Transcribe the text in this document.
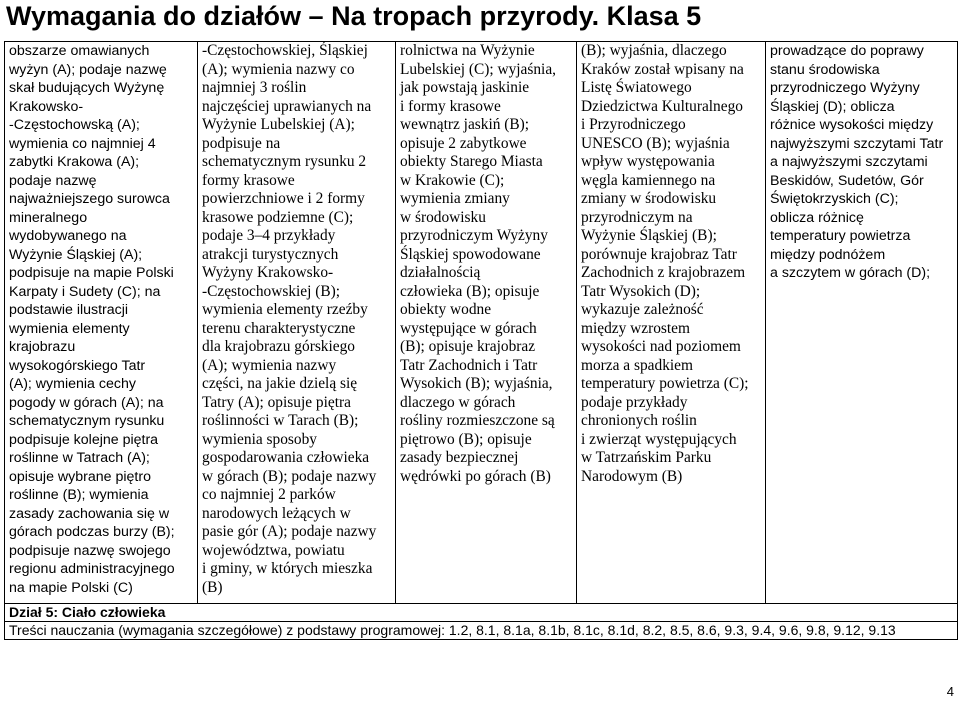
Wymagania do działów – Na tropach przyrody. Klasa 5
obszarze omawianych
wyżyn (A); podaje nazwę
skał budujących Wyżynę
Krakowsko-
-Częstochowską (A);
wymienia co najmniej 4
zabytki Krakowa (A);
podaje nazwę
najważniejszego surowca
mineralnego
wydobywanego na
Wyżynie Śląskiej (A);
podpisuje na mapie Polski
Karpaty i Sudety (C); na
podstawie ilustracji
wymienia elementy
krajobrazu
wysokogórskiego Tatr
(A); wymienia cechy
pogody w górach (A); na
schematycznym rysunku
podpisuje kolejne piętra
roślinne w Tatrach (A);
opisuje wybrane piętro
roślinne (B); wymienia
zasady zachowania się w
górach podczas burzy (B);
podpisuje nazwę swojego
regionu administracyjnego
na mapie Polski (C)

-Częstochowskiej, Śląskiej
(A); wymienia nazwy co
najmniej 3 roślin
najczęściej uprawianych na
Wyżynie Lubelskiej (A);
podpisuje na
schematycznym rysunku 2
formy krasowe
powierzchniowe i 2 formy
krasowe podziemne (C);
podaje 3–4 przykłady
atrakcji turystycznych
Wyżyny Krakowsko-
-Częstochowskiej (B);
wymienia elementy rzeźby
terenu charakterystyczne
dla krajobrazu górskiego
(A); wymienia nazwy
części, na jakie dzielą się
Tatry (A); opisuje piętra
roślinności w Tarach (B);
wymienia sposoby
gospodarowania człowieka
w górach (B); podaje nazwy
co najmniej 2 parków
narodowych leżących w
pasie gór (A); podaje nazwy
województwa, powiatu
i gminy, w których mieszka
(B)

rolnictwa na Wyżynie
Lubelskiej (C); wyjaśnia,
jak powstają jaskinie
i formy krasowe
wewnątrz jaskiń (B);
opisuje 2 zabytkowe
obiekty Starego Miasta
w Krakowie (C);
wymienia zmiany
w środowisku
przyrodniczym Wyżyny
Śląskiej spowodowane
działalnością
człowieka (B); opisuje
obiekty wodne
występujące w górach
(B); opisuje krajobraz
Tatr Zachodnich i Tatr
Wysokich (B); wyjaśnia,
dlaczego w górach
rośliny rozmieszczone są
piętrowo (B); opisuje
zasady bezpiecznej
wędrówki po górach (B)

(B); wyjaśnia, dlaczego
Kraków został wpisany na
Listę Światowego
Dziedzictwa Kulturalnego
i Przyrodniczego
UNESCO (B); wyjaśnia
wpływ występowania
węgla kamiennego na
zmiany w środowisku
przyrodniczym na
Wyżynie Śląskiej (B);
porównuje krajobraz Tatr
Zachodnich z krajobrazem
Tatr Wysokich (D);
wykazuje zależność
między wzrostem
wysokości nad poziomem
morza a spadkiem
temperatury powietrza (C);
podaje przykłady
chronionych roślin
i zwierząt występujących
w Tatrzańskim Parku
Narodowym (B)

prowadzące do poprawy
stanu środowiska
przyrodniczego Wyżyny
Śląskiej (D); oblicza
różnice wysokości między
najwyższymi szczytami Tatr
a najwyższymi szczytami
Beskidów, Sudetów, Gór
Świętokrzyskich (C);
oblicza różnicę
temperatury powietrza
między podnóżem
a szczytem w górach (D);

Dział 5: Ciało człowieka
Treści nauczania (wymagania szczegółowe) z podstawy programowej: 1.2, 8.1, 8.1a, 8.1b, 8.1c, 8.1d, 8.2, 8.5, 8.6, 9.3, 9.4, 9.6, 9.8, 9.12, 9.13
4
